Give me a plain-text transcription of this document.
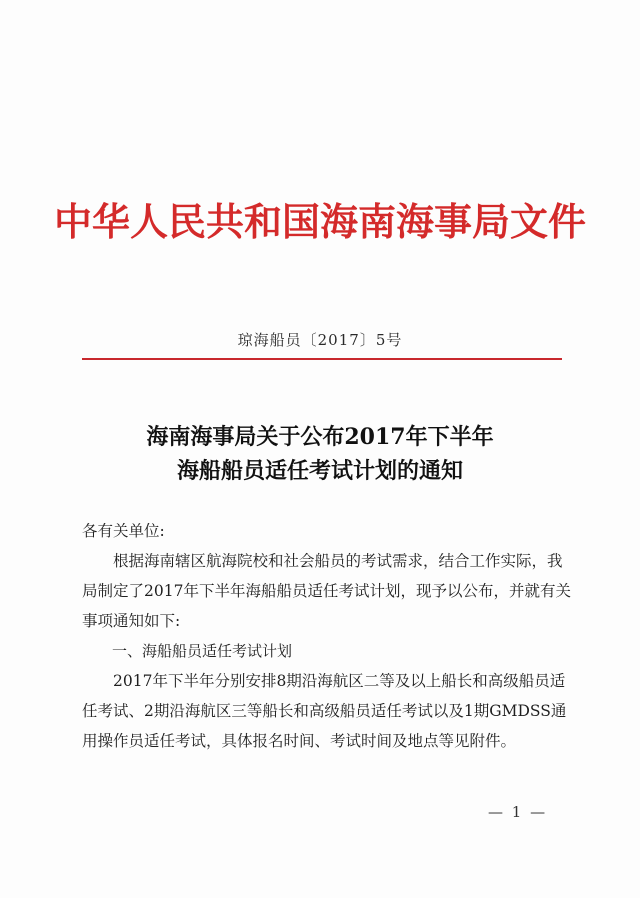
中华人民共和国海南海事局文件
琼海船员〔2017〕5号
海南海事局关于公布2017年下半年
海船船员适任考试计划的通知

各有关单位:

根据海南辖区航海院校和社会船员的考试需求，结合工作实际，我局制定了2017年下半年海船船员适任考试计划，现予以公布，并就有关事项通知如下:

一、海船船员适任考试计划

2017年下半年分别安排8期沿海航区二等及以上船长和高级船员适任考试、2期沿海航区三等船长和高级船员适任考试以及1期GMDSS通用操作员适任考试，具体报名时间、考试时间及地点等见附件。

— 1 —
